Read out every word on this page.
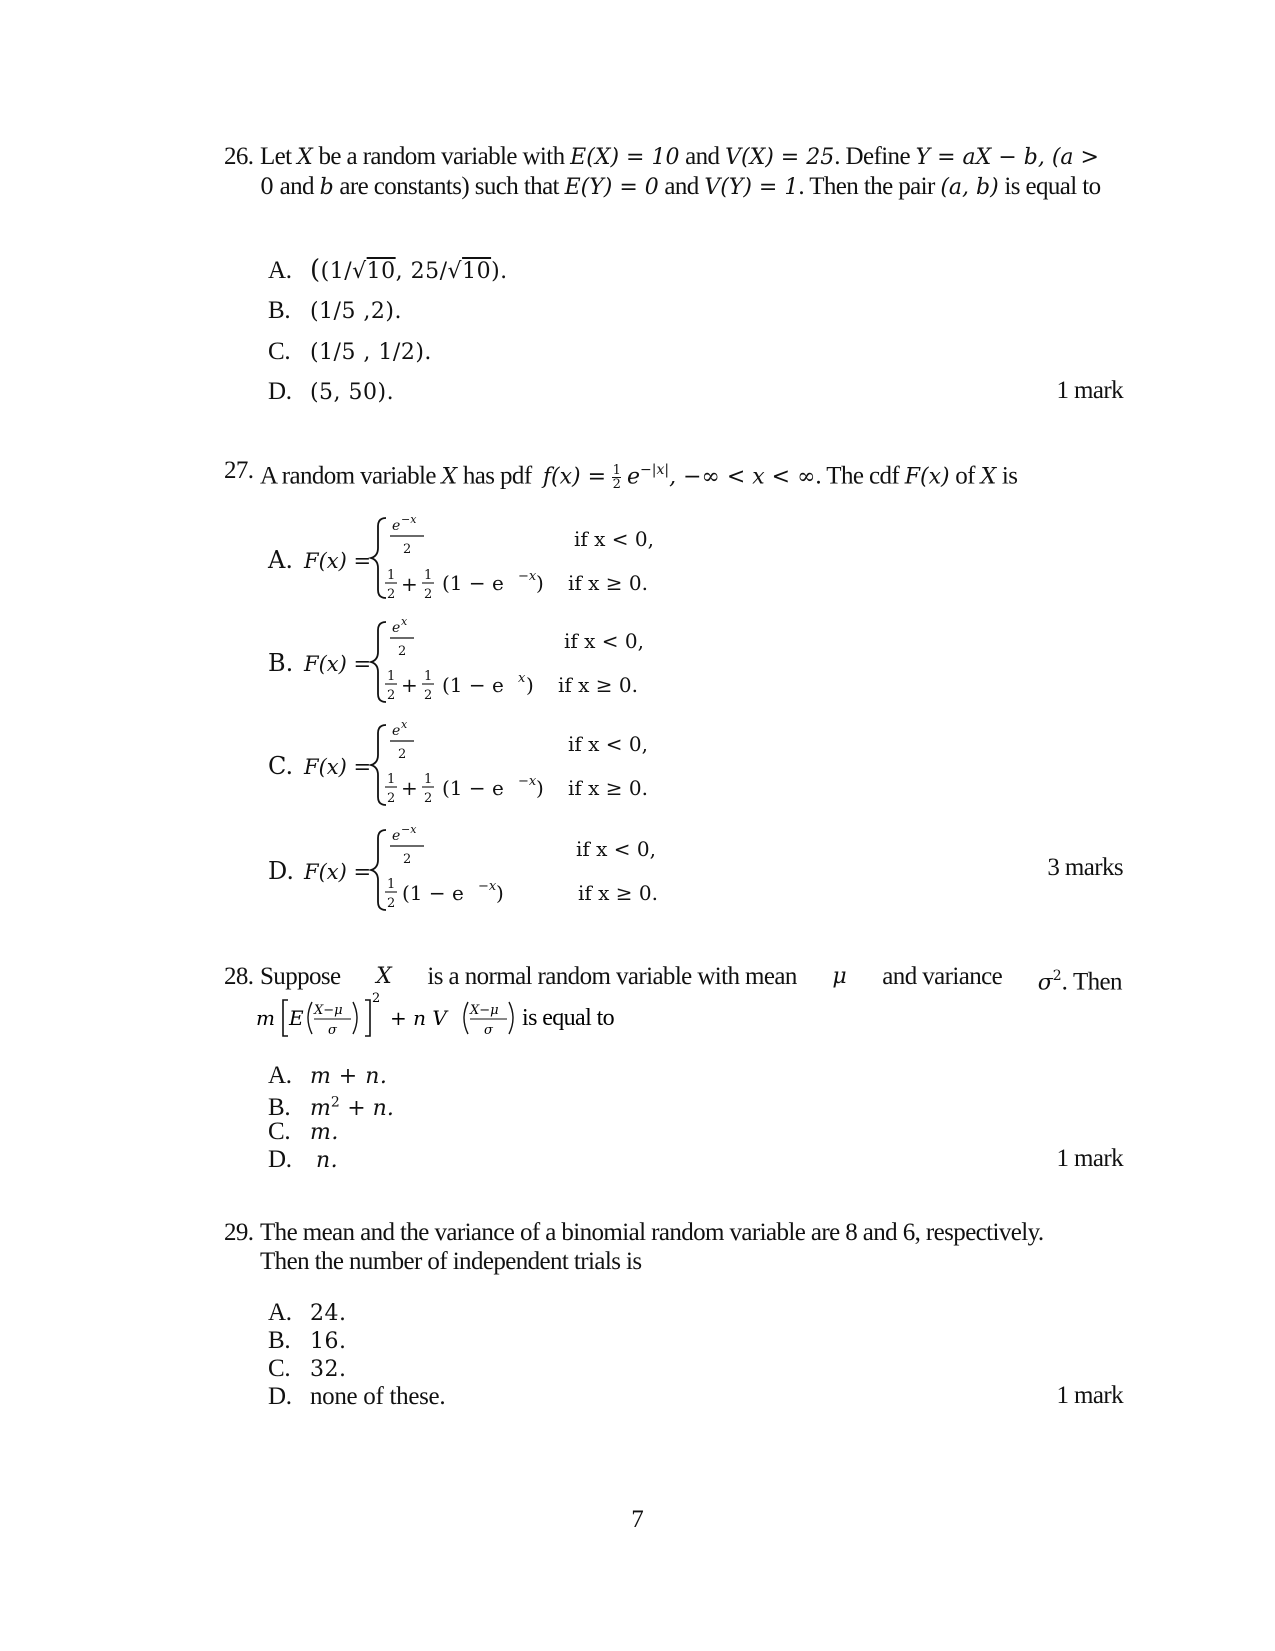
26. Let X be a random variable with E(X) = 10 and V(X) = 25. Define Y = aX − b, (a >
0 and b are constants) such that E(Y) = 0 and V(Y) = 1. Then the pair (a, b) is equal to
A. ((1/√10, 25/√10).
B. (1/5 ,2).
C. (1/5 , 1/2).
D. (5, 50).	1 mark
27. A random variable X has pdf $f(x) = \frac{1}{2} e^{-|x|}$, −∞ < x < ∞. The cdf F(x) of X is
A. F(x) =
e −x
2	if x < 0,
1
2 + 1
2 (1 − e −x ) if x ≥ 0.
B. F(x) =
e x
2	if x < 0,
1
2 + 1
2 (1 − e x ) if x ≥ 0.
C. F(x) =
e x
2	if x < 0,
1
2 + 1
2 (1 − e −x ) if x ≥ 0.
D. F(x) =
e −x
2	if x < 0,
1
2 (1 − e −x )	if x ≥ 0.
3 marks
28. Suppose X is a normal random variable with mean μ and variance $\sigma^2$. Then
m E X−μ
σ
2
+ n V X−μ
σ is equal to
A. m + n.
B. $m^2 + n$.
C. m.
D. n.	1 mark
29. The mean and the variance of a binomial random variable are 8 and 6, respectively. Then the number of independent trials is
A. 24.
B. 16.
C. 32.
D. none of these.	1 mark
7
